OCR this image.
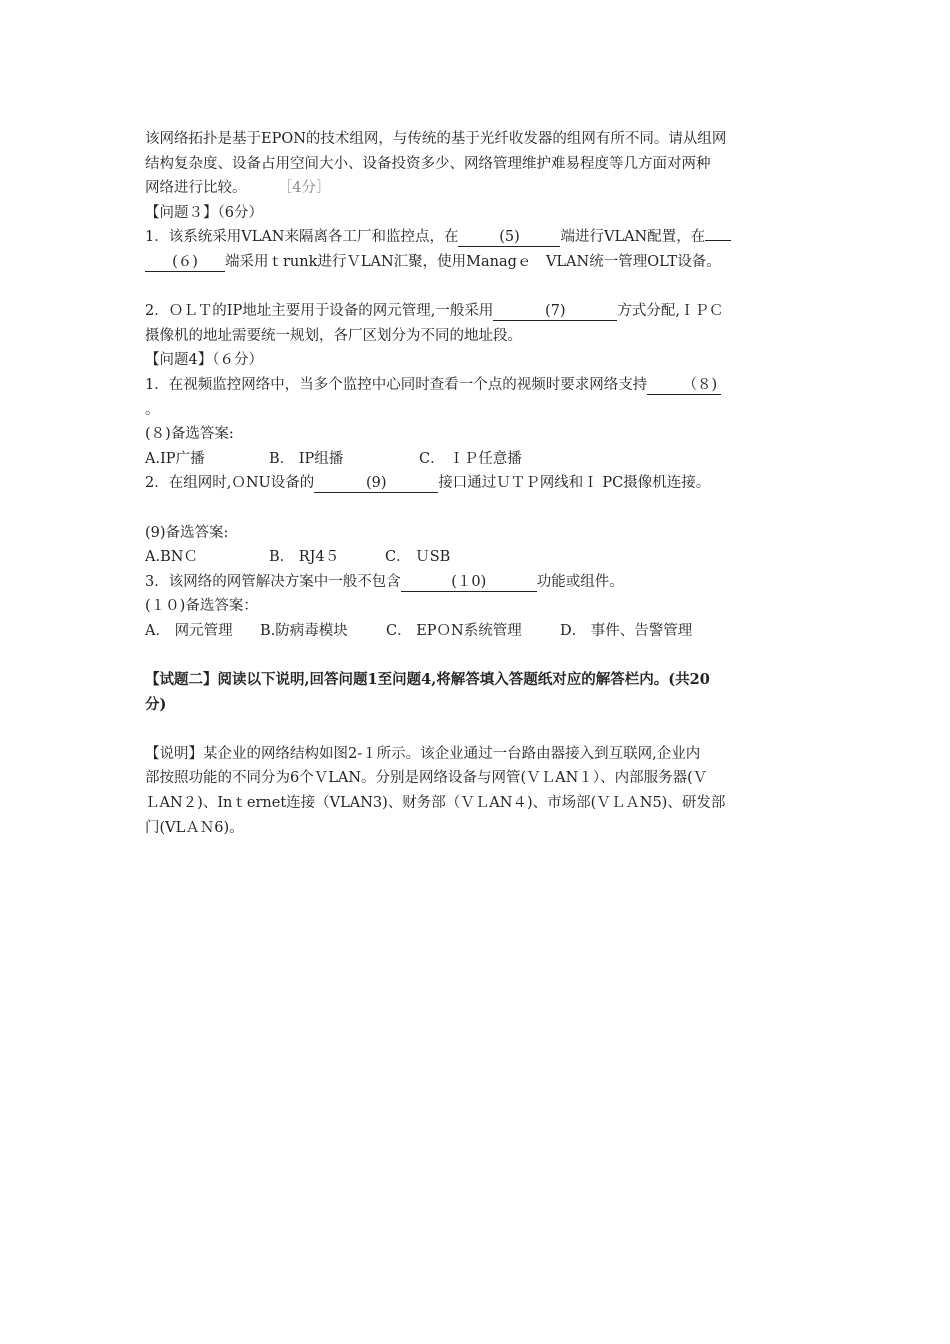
该网络拓扑是基于EPON的技术组网，与传统的基于光纤收发器的组网有所不同。请从组网
结构复杂度、设备占用空间大小、设备投资多少、网络管理维护难易程度等几方面对两种
网络进行比较。 ［4分］
【问题３】（6分）
1．该系统采用VLAN来隔离各工厂和监控点，在	(5)	端进行VLAN配置，在
(６) 端采用ｔrunk进行ＶLAN汇聚，使用Managｅ　VLAN统一管理OLT设备。
2．ＯＬＴ的IP地址主要用于设备的网元管理,一般采用	(7)	方式分配,ＩＰＣ
摄像机的地址需要统一规划，各厂区划分为不同的地址段。
【问题4】（６分）
1．在视频监控网络中，当多个监控中心同时查看一个点的视频时要求网络支持 （８)
。
(８)备选答案:
A.IP广播	B． IP组播	C． ＩＰ任意播
2．在组网时,ＯNU设备的	(9)	接口通过ＵＴＰ网线和Ｉ PC摄像机连接。
(9)备选答案:
A.BNＣ	B． RJ4５	C． ＵSB
3．该网络的网管解决方案中一般不包含	(１0)	功能或组件。
(１０)备选答案：
A． 网元管理 B.防病毒模块	C． EPＯN系统管理	D． 事件、告警管理
【试题二】阅读以下说明,回答问题1至问题4,将解答填入答题纸对应的解答栏内。(共20
分)
【说明】某企业的网络结构如图2-１所示。该企业通过一台路由器接入到互联网,企业内
部按照功能的不同分为6个ＶLAN。分别是网络设备与网管(ＶＬAN１）、内部服务器(Ｖ
ＬAN２)、Inｔernet连接（VLAN3)、财务部（ＶＬAN４)、市场部(ＶＬＡN5)、研发部
门(VLＡＮ6)。
